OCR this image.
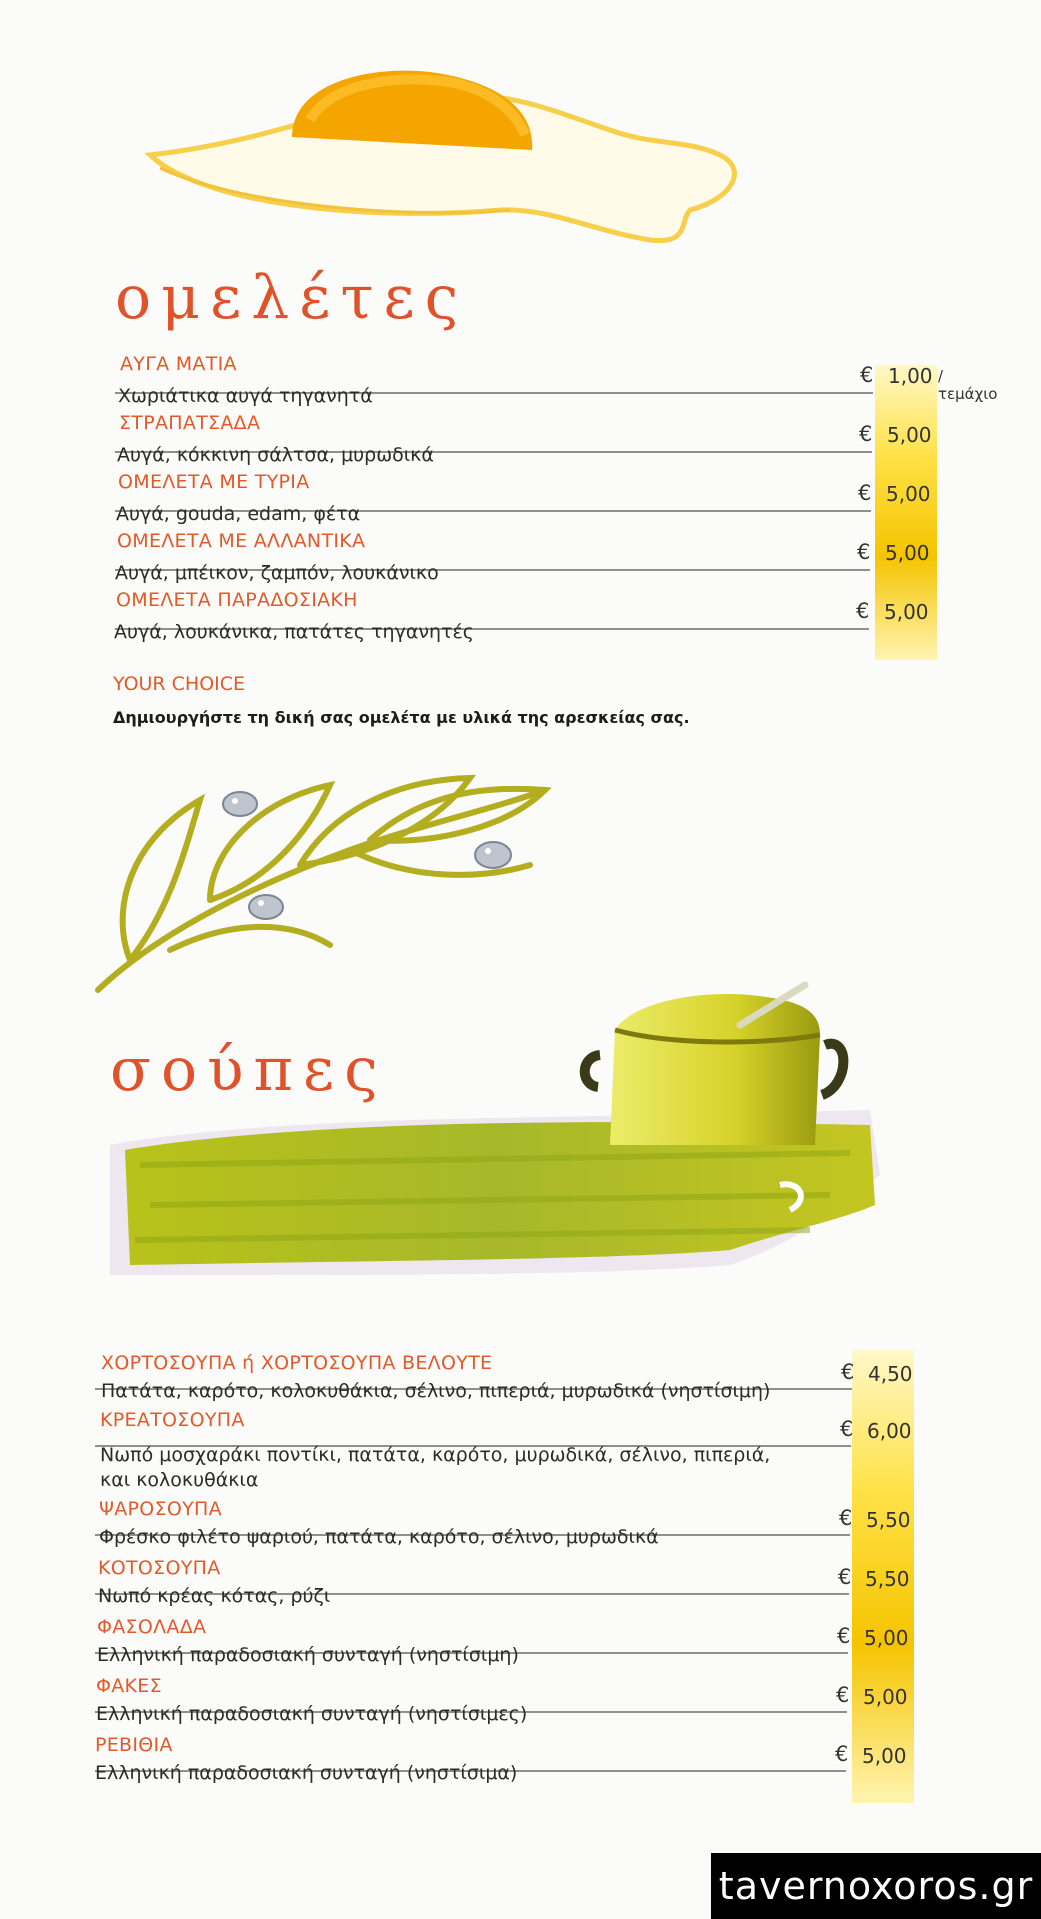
ομελέτες
ΑΥΓΑ ΜΑΤΙΑ
Χωριάτικα αυγά τηγανητά
€ 1,00 / τεμάχιο
ΣΤΡΑΠΑΤΣΑΔΑ
Αυγά, κόκκινη σάλτσα, μυρωδικά
€ 5,00
ΟΜΕΛΕΤΑ ΜΕ ΤΥΡΙΑ
Αυγά, gouda, edam, φέτα
€ 5,00
ΟΜΕΛΕΤΑ ΜΕ ΑΛΛΑΝΤΙΚΑ
Αυγά, μπέικον, ζαμπόν, λουκάνικο
€ 5,00
ΟΜΕΛΕΤΑ ΠΑΡΑΔΟΣΙΑΚΗ
Αυγά, λουκάνικα, πατάτες τηγανητές
€ 5,00
YOUR CHOICE
Δημιουργήστε τη δική σας ομελέτα με υλικά της αρεσκείας σας.
σούπες
ΧΟΡΤΟΣΟΥΠΑ ή ΧΟΡΤΟΣΟΥΠΑ ΒΕΛΟΥΤΕ
Πατάτα, καρότο, κολοκυθάκια, σέλινο, πιπεριά, μυρωδικά (νηστίσιμη)
€ 4,50
ΚΡΕΑΤΟΣΟΥΠΑ
Νωπό μοσχαράκι ποντίκι, πατάτα, καρότο, μυρωδικά, σέλινο, πιπεριά,
και κολοκυθάκια
€ 6,00
ΨΑΡΟΣΟΥΠΑ
Φρέσκο φιλέτο ψαριού, πατάτα, καρότο, σέλινο, μυρωδικά
€ 5,50
ΚΟΤΟΣΟΥΠΑ
Νωπό κρέας κότας, ρύζι
€ 5,50
ΦΑΣΟΛΑΔΑ
Ελληνική παραδοσιακή συνταγή (νηστίσιμη)
€ 5,00
ΦΑΚΕΣ
Ελληνική παραδοσιακή συνταγή (νηστίσιμες)
€ 5,00
ΡΕΒΙΘΙΑ
Ελληνική παραδοσιακή συνταγή (νηστίσιμα)
€ 5,00
tavernoxoros.gr
